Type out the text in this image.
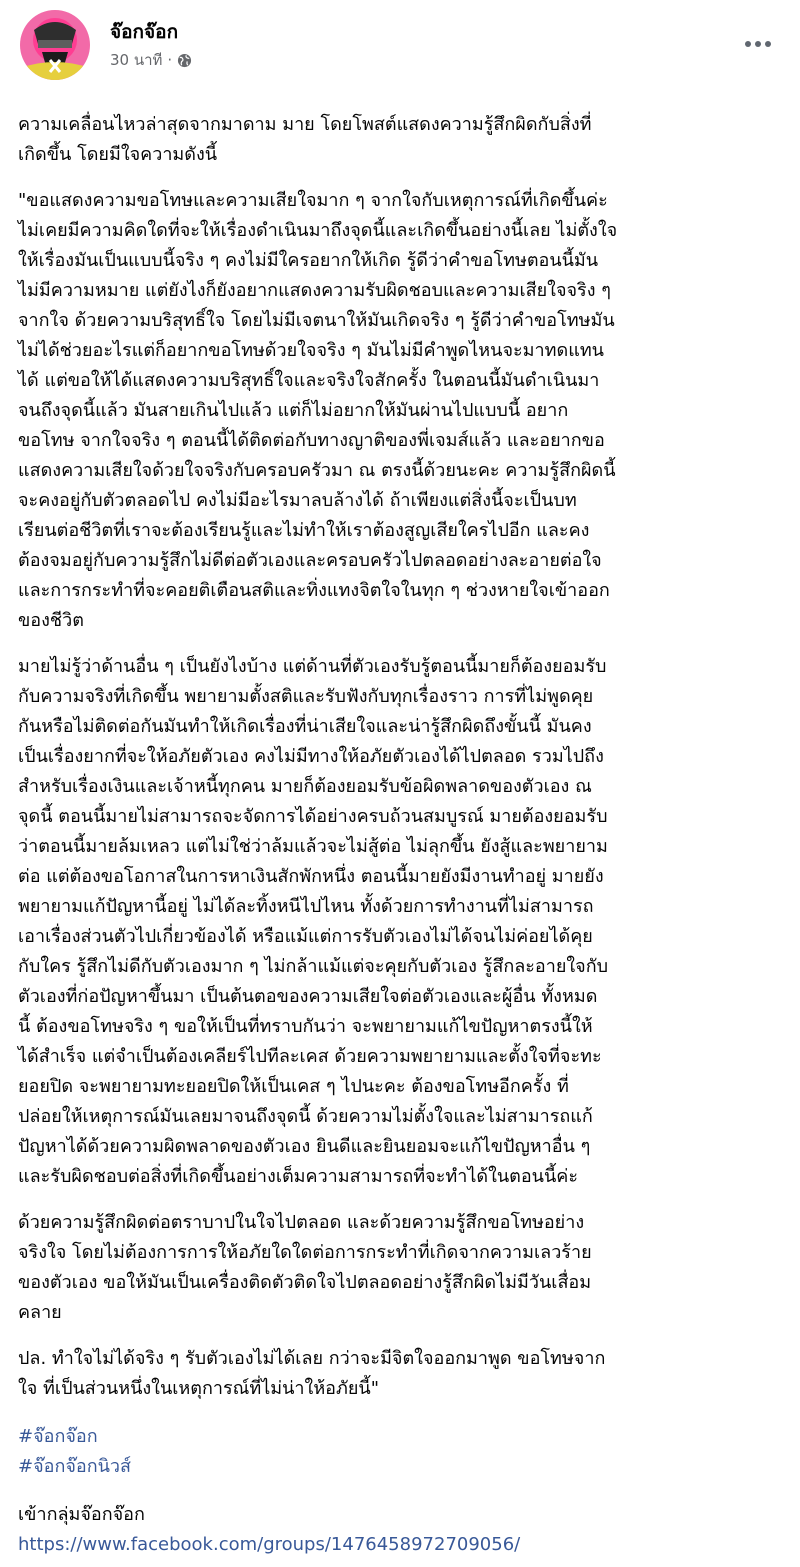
จ๊อกจ๊อก
30 นาที ·

ความเคลื่อนไหวล่าสุดจากมาดาม มาย โดยโพสต์แสดงความรู้สึกผิดกับสิ่งที่
เกิดขึ้น โดยมีใจความดังนี้

"ขอแสดงความขอโทษและความเสียใจมาก ๆ จากใจกับเหตุการณ์ที่เกิดขึ้นค่ะ
ไม่เคยมีความคิดใดที่จะให้เรื่องดำเนินมาถึงจุดนี้และเกิดขึ้นอย่างนี้เลย ไม่ตั้งใจ
ให้เรื่องมันเป็นแบบนี้จริง ๆ คงไม่มีใครอยากให้เกิด รู้ดีว่าคำขอโทษตอนนี้มัน
ไม่มีความหมาย แต่ยังไงก็ยังอยากแสดงความรับผิดชอบและความเสียใจจริง ๆ
จากใจ ด้วยความบริสุทธิ์ใจ โดยไม่มีเจตนาให้มันเกิดจริง ๆ รู้ดีว่าคำขอโทษมัน
ไม่ได้ช่วยอะไรแต่ก็อยากขอโทษด้วยใจจริง ๆ มันไม่มีคำพูดไหนจะมาทดแทน
ได้ แต่ขอให้ได้แสดงความบริสุทธิ์ใจและจริงใจสักครั้ง ในตอนนี้มันดำเนินมา
จนถึงจุดนี้แล้ว มันสายเกินไปแล้ว แต่ก็ไม่อยากให้มันผ่านไปแบบนี้ อยาก
ขอโทษ จากใจจริง ๆ ตอนนี้ได้ติดต่อกับทางญาติของพี่เจมส์แล้ว และอยากขอ
แสดงความเสียใจด้วยใจจริงกับครอบครัวมา ณ ตรงนี้ด้วยนะคะ ความรู้สึกผิดนี้
จะคงอยู่กับตัวตลอดไป คงไม่มีอะไรมาลบล้างได้ ถ้าเพียงแต่สิ่งนี้จะเป็นบท
เรียนต่อชีวิตที่เราจะต้องเรียนรู้และไม่ทำให้เราต้องสูญเสียใครไปอีก และคง
ต้องจมอยู่กับความรู้สึกไม่ดีต่อตัวเองและครอบครัวไปตลอดอย่างละอายต่อใจ
และการกระทำที่จะคอยติเตือนสติและทิ่งแทงจิตใจในทุก ๆ ช่วงหายใจเข้าออก
ของชีวิต

มายไม่รู้ว่าด้านอื่น ๆ เป็นยังไงบ้าง แต่ด้านที่ตัวเองรับรู้ตอนนี้มายก็ต้องยอมรับ
กับความจริงที่เกิดขึ้น พยายามตั้งสติและรับฟังกับทุกเรื่องราว การที่ไม่พูดคุย
กันหรือไม่ติดต่อกันมันทำให้เกิดเรื่องที่น่าเสียใจและน่ารู้สึกผิดถึงขั้นนี้ มันคง
เป็นเรื่องยากที่จะให้อภัยตัวเอง คงไม่มีทางให้อภัยตัวเองได้ไปตลอด รวมไปถึง
สำหรับเรื่องเงินและเจ้าหนี้ทุกคน มายก็ต้องยอมรับข้อผิดพลาดของตัวเอง ณ
จุดนี้ ตอนนี้มายไม่สามารถจะจัดการได้อย่างครบถ้วนสมบูรณ์ มายต้องยอมรับ
ว่าตอนนี้มายล้มเหลว แต่ไม่ใช่ว่าล้มแล้วจะไม่สู้ต่อ ไม่ลุกขึ้น ยังสู้และพยายาม
ต่อ แต่ต้องขอโอกาสในการหาเงินสักพักหนึ่ง ตอนนี้มายยังมีงานทำอยู่ มายยัง
พยายามแก้ปัญหานี้อยู่ ไม่ได้ละทิ้งหนีไปไหน ทั้งด้วยการทำงานที่ไม่สามารถ
เอาเรื่องส่วนตัวไปเกี่ยวข้องได้ หรือแม้แต่การรับตัวเองไม่ได้จนไม่ค่อยได้คุย
กับใคร รู้สึกไม่ดีกับตัวเองมาก ๆ ไม่กล้าแม้แต่จะคุยกับตัวเอง รู้สึกละอายใจกับ
ตัวเองที่ก่อปัญหาขึ้นมา เป็นต้นตอของความเสียใจต่อตัวเองและผู้อื่น ทั้งหมด
นี้ ต้องขอโทษจริง ๆ ขอให้เป็นที่ทราบกันว่า จะพยายามแก้ไขปัญหาตรงนี้ให้
ได้สำเร็จ แต่จำเป็นต้องเคลียร์ไปทีละเคส ด้วยความพยายามและตั้งใจที่จะทะ
ยอยปิด จะพยายามทะยอยปิดให้เป็นเคส ๆ ไปนะคะ ต้องขอโทษอีกครั้ง ที่
ปล่อยให้เหตุการณ์มันเลยมาจนถึงจุดนี้ ด้วยความไม่ตั้งใจและไม่สามารถแก้
ปัญหาได้ด้วยความผิดพลาดของตัวเอง ยินดีและยินยอมจะแก้ไขปัญหาอื่น ๆ
และรับผิดชอบต่อสิ่งที่เกิดขึ้นอย่างเต็มความสามารถที่จะทำได้ในตอนนี้ค่ะ

ด้วยความรู้สึกผิดต่อตราบาปในใจไปตลอด และด้วยความรู้สึกขอโทษอย่าง
จริงใจ โดยไม่ต้องการการให้อภัยใดใดต่อการกระทำที่เกิดจากความเลวร้าย
ของตัวเอง ขอให้มันเป็นเครื่องติดตัวติดใจไปตลอดอย่างรู้สึกผิดไม่มีวันเสื่อม
คลาย

ปล. ทำใจไม่ได้จริง ๆ รับตัวเองไม่ได้เลย กว่าจะมีจิตใจออกมาพูด ขอโทษจาก
ใจ ที่เป็นส่วนหนึ่งในเหตุการณ์ที่ไม่น่าให้อภัยนี้"

#จ๊อกจ๊อก
#จ๊อกจ๊อกนิวส์
เข้ากลุ่มจ๊อกจ๊อก
https://www.facebook.com/groups/1476458972709056/
